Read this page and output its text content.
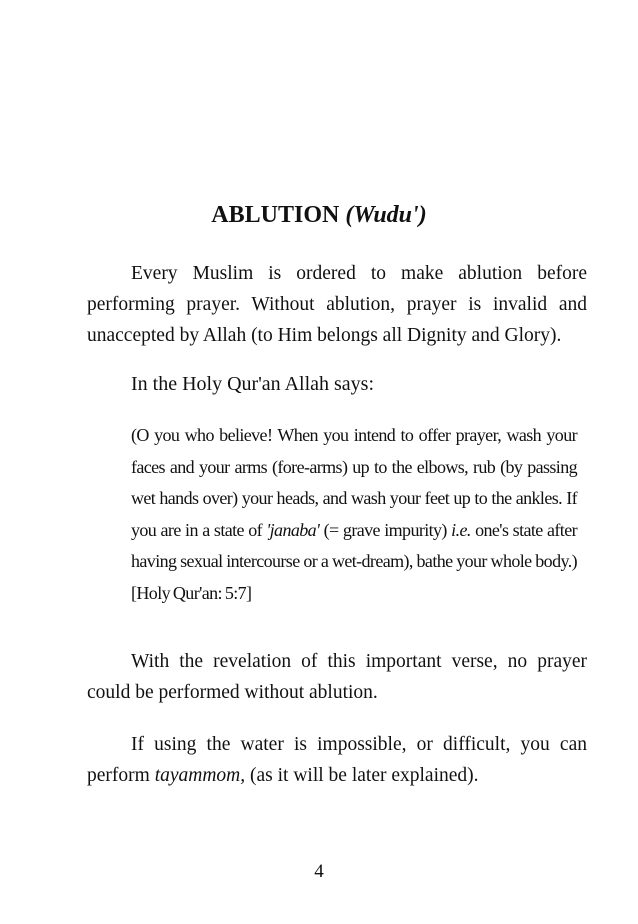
ABLUTION (Wudu')

Every Muslim is ordered to make ablution before performing prayer. Without ablution, prayer is invalid and unaccepted by Allah (to Him belongs all Dignity and Glory).

In the Holy Qur'an Allah says:

(O you who believe! When you intend to offer prayer, wash your faces and your arms (fore-arms) up to the elbows, rub (by passing wet hands over) your heads, and wash your feet up to the ankles. If you are in a state of 'janaba' (= grave impurity) i.e. one's state after having sexual intercourse or a wet-dream), bathe your whole body.) [Holy Qur'an: 5:7]

With the revelation of this important verse, no prayer could be performed without ablution.

If using the water is impossible, or difficult, you can perform tayammom, (as it will be later explained).

4
